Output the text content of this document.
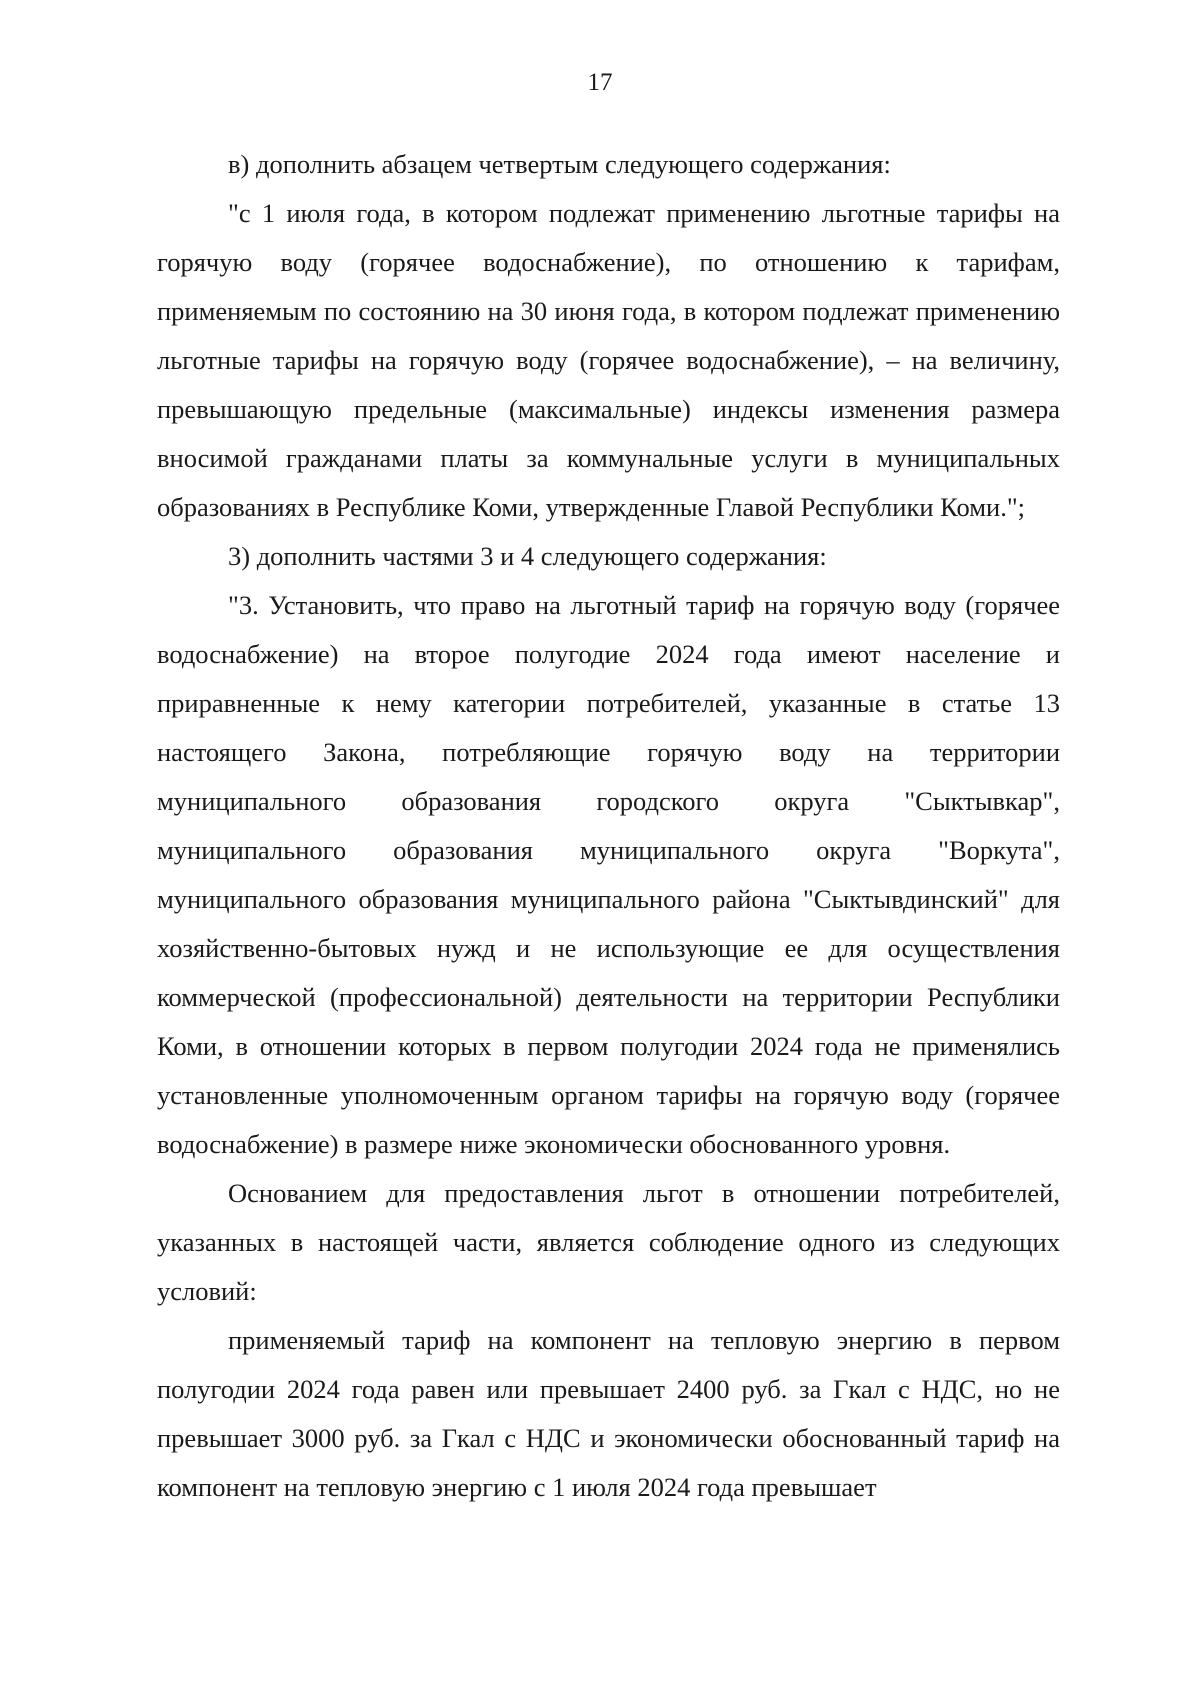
17

в) дополнить абзацем четвертым следующего содержания:

"с 1 июля года, в котором подлежат применению льготные тарифы на горячую воду (горячее водоснабжение), по отношению к тарифам, применяемым по состоянию на 30 июня года, в котором подлежат применению льготные тарифы на горячую воду (горячее водоснабжение), – на величину, превышающую предельные (максимальные) индексы изменения размера вносимой гражданами платы за коммунальные услуги в муниципальных образованиях в Республике Коми, утвержденные Главой Республики Коми.";

3) дополнить частями 3 и 4 следующего содержания:

"3. Установить, что право на льготный тариф на горячую воду (горячее водоснабжение) на второе полугодие 2024 года имеют население и приравненные к нему категории потребителей, указанные в статье 13 настоящего Закона, потребляющие горячую воду на территории муниципального образования городского округа "Сыктывкар", муниципального образования муниципального округа "Воркута", муниципального образования муниципального района "Сыктывдинский" для хозяйственно-бытовых нужд и не использующие ее для осуществления коммерческой (профессиональной) деятельности на территории Республики Коми, в отношении которых в первом полугодии 2024 года не применялись установленные уполномоченным органом тарифы на горячую воду (горячее водоснабжение) в размере ниже экономически обоснованного уровня.

Основанием для предоставления льгот в отношении потребителей, указанных в настоящей части, является соблюдение одного из следующих условий:

применяемый тариф на компонент на тепловую энергию в первом полугодии 2024 года равен или превышает 2400 руб. за Гкал с НДС, но не превышает 3000 руб. за Гкал с НДС и экономически обоснованный тариф на компонент на тепловую энергию с 1 июля 2024 года превышает
